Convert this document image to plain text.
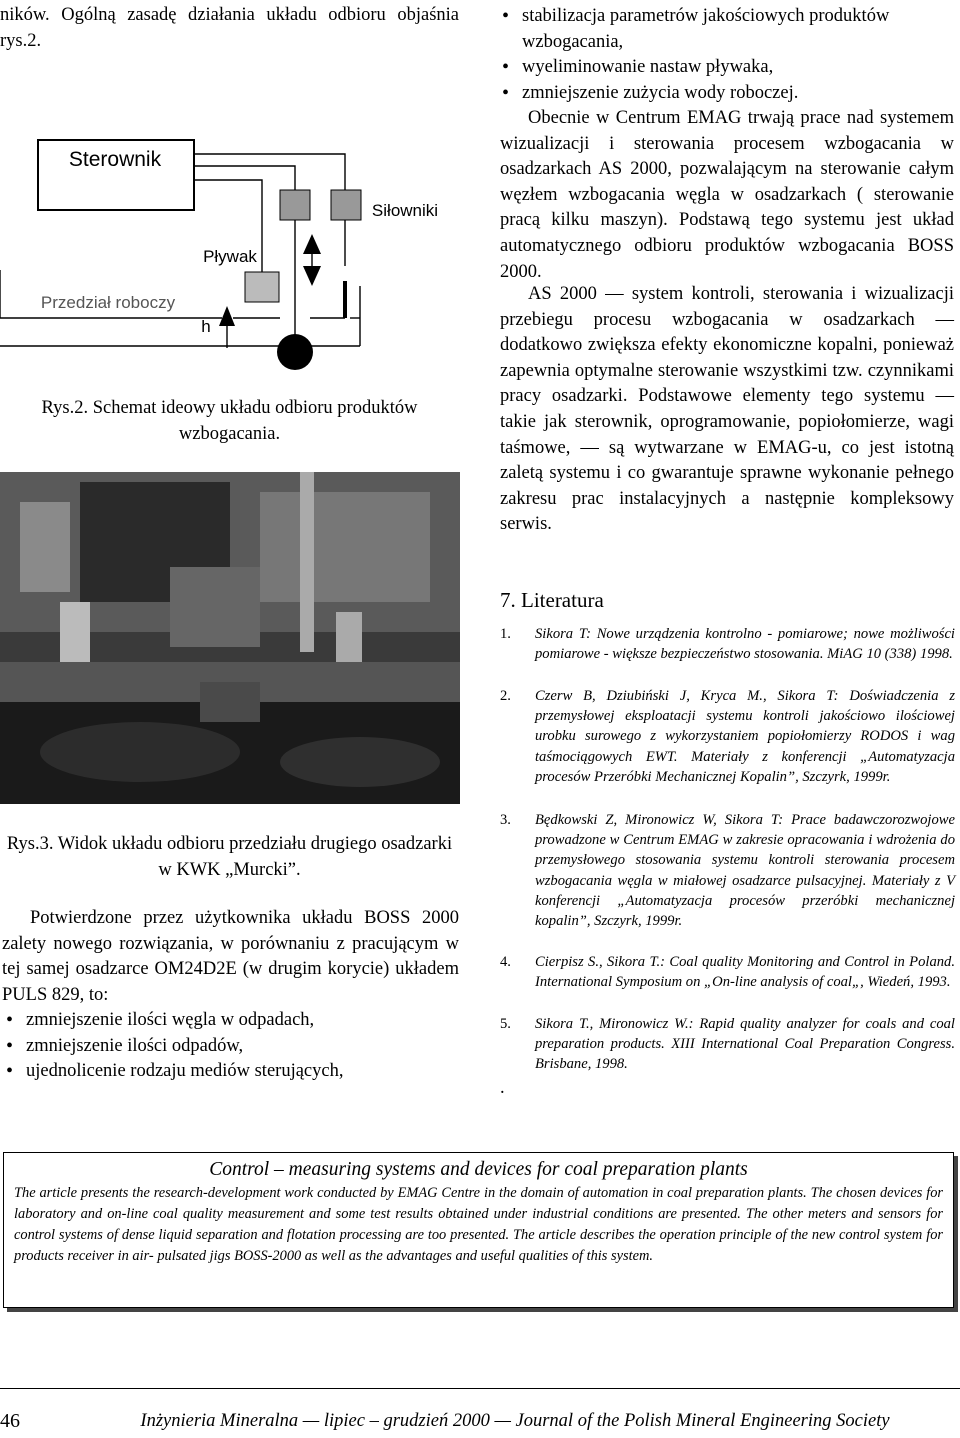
ników. Ogólną zasadę działania układu odbioru objaśnia rys.2.
Sterownik
Siłowniki
Pływak
Przedział roboczy
h
Rys.2. Schemat ideowy układu odbioru produktów wzbogacania.
Rys.3. Widok układu odbioru przedziału drugiego osadzarki w KWK „Murcki”.
Potwierdzone przez użytkownika układu BOSS 2000 zalety nowego rozwiązania, w porównaniu z pracującym w tej samej osadzarce OM24D2E (w drugim korycie) układem PULS 829, to:
• zmniejszenie ilości węgla w odpadach,
• zmniejszenie ilości odpadów,
• ujednolicenie rodzaju mediów sterujących,
• stabilizacja parametrów jakościowych produktów wzbogacania,
• wyeliminowanie nastaw pływaka,
• zmniejszenie zużycia wody roboczej.
Obecnie w Centrum EMAG trwają prace nad systemem wizualizacji i sterowania procesem wzbogacania w osadzarkach AS 2000, pozwalającym na sterowanie całym węzłem wzbogacania węgla w osadzarkach ( sterowanie pracą kilku maszyn). Podstawą tego systemu jest układ automatycznego odbioru produktów wzbogacania BOSS 2000.
AS 2000 — system kontroli, sterowania i wizualizacji przebiegu procesu wzbogacania w osadzarkach — dodatkowo zwiększa efekty ekonomiczne kopalni, ponieważ zapewnia optymalne sterowanie wszystkimi tzw. czynnikami pracy osadzarki. Podstawowe elementy tego systemu — takie jak sterownik, oprogramowanie, popiołomierze, wagi taśmowe, — są wytwarzane w EMAG-u, co jest istotną zaletą systemu i co gwarantuje sprawne wykonanie pełnego zakresu prac instalacyjnych a następnie kompleksowy serwis.
7. Literatura
1. Sikora T: Nowe urządzenia kontrolno - pomiarowe; nowe możliwości pomiarowe - większe bezpieczeństwo stosowania. MiAG 10 (338) 1998.
2. Czerw B, Dziubiński J, Kryca M., Sikora T: Doświadczenia z przemysłowej eksploatacji systemu kontroli jakościowo ilościowej urobku surowego z wykorzystaniem popiołomierzy RODOS i wag taśmociągowych EWT. Materiały z konferencji „Automatyzacja procesów Przeróbki Mechanicznej Kopalin”, Szczyrk, 1999r.
3. Będkowski Z, Mironowicz W, Sikora T: Prace badawczorozwojowe prowadzone w Centrum EMAG w zakresie opracowania i wdrożenia do przemysłowego stosowania systemu kontroli sterowania procesem wzbogacania węgla w miałowej osadzarce pulsacyjnej. Materiały z V konferencji „Automatyzacja procesów przeróbki mechanicznej kopalin”, Szczyrk, 1999r.
4. Cierpisz S., Sikora T.: Coal quality Monitoring and Control in Poland. International Symposium on „On-line analysis of coal„, Wiedeń, 1993.
5. Sikora T., Mironowicz W.: Rapid quality analyzer for coals and coal preparation products. XIII International Coal Preparation Congress. Brisbane, 1998.
.
Control – measuring systems and devices for coal preparation plants
The article presents the research-development work conducted by EMAG Centre in the domain of automation in coal preparation plants. The chosen devices for laboratory and on-line coal quality measurement and some test results obtained under industrial conditions are presented. The other meters and sensors for control systems of dense liquid separation and flotation processing are too presented. The article describes the operation principle of the new control system for products receiver in air- pulsated jigs BOSS-2000 as well as the advantages and useful qualities of this system.
46	Inżynieria Mineralna — lipiec – grudzień 2000 — Journal of the Polish Mineral Engineering Society
